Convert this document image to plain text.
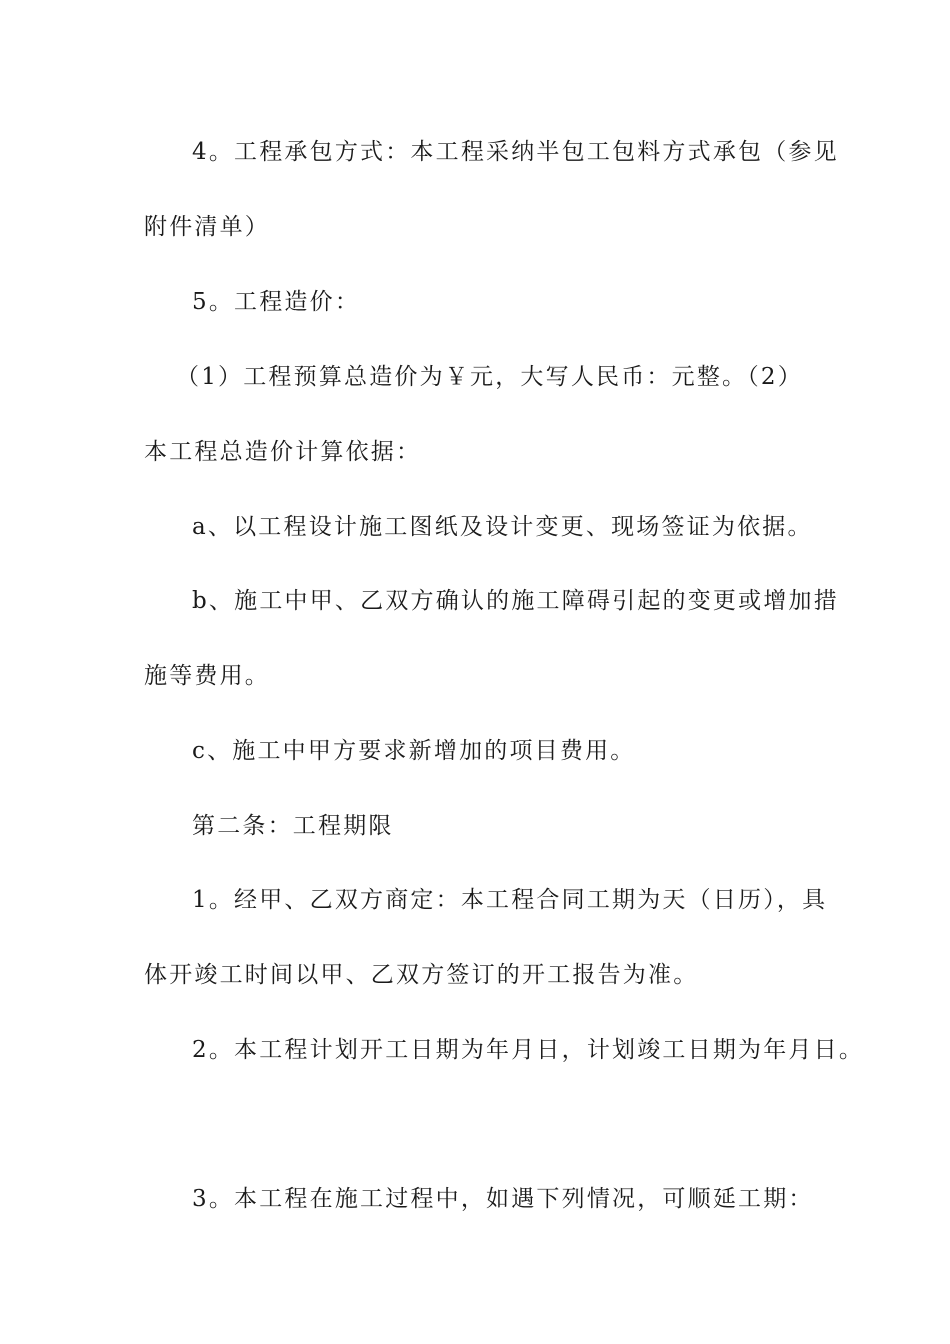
4。工程承包方式：本工程采纳半包工包料方式承包（参见
附件清单）
5。工程造价：
（1）工程预算总造价为￥元，大写人民币：元整。（2）
本工程总造价计算依据：
a、以工程设计施工图纸及设计变更、现场签证为依据。
b、施工中甲、乙双方确认的施工障碍引起的变更或增加措
施等费用。
c、施工中甲方要求新增加的项目费用。
第二条：工程期限
1。经甲、乙双方商定：本工程合同工期为天（日历），具
体开竣工时间以甲、乙双方签订的开工报告为准。
2。本工程计划开工日期为年月日，计划竣工日期为年月日。
3。本工程在施工过程中，如遇下列情况，可顺延工期：
